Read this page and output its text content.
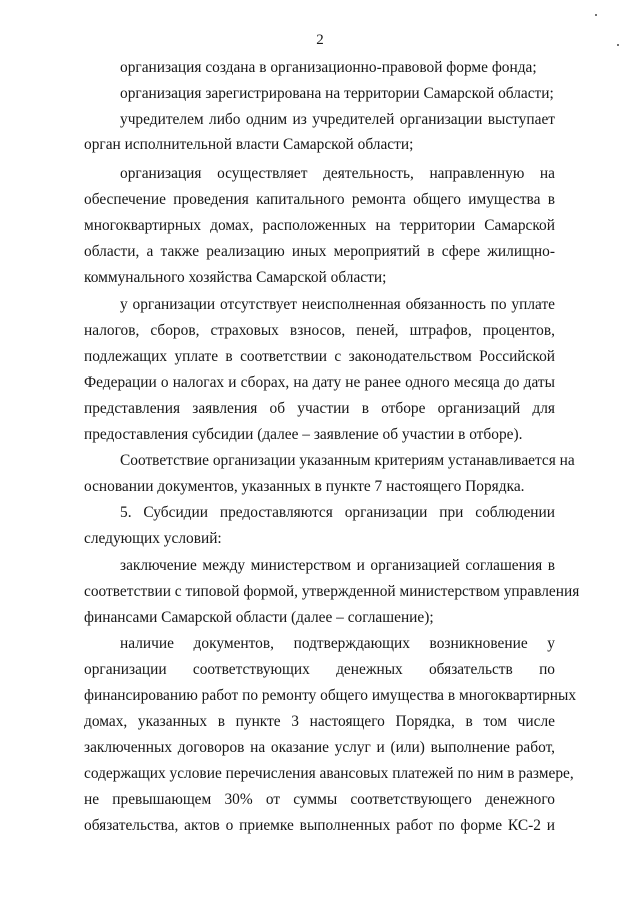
2
организация создана в организационно-правовой форме фонда;
организация зарегистрирована на территории Самарской области;
учредителем либо одним из учредителей организации выступает
орган исполнительной власти Самарской области;
организация осуществляет деятельность, направленную на
обеспечение проведения капитального ремонта общего имущества в
многоквартирных домах, расположенных на территории Самарской
области, а также реализацию иных мероприятий в сфере жилищно-
коммунального хозяйства Самарской области;
у организации отсутствует неисполненная обязанность по уплате
налогов, сборов, страховых взносов, пеней, штрафов, процентов,
подлежащих уплате в соответствии с законодательством Российской
Федерации о налогах и сборах, на дату не ранее одного месяца до даты
представления заявления об участии в отборе организаций для
предоставления субсидии (далее – заявление об участии в отборе).
Соответствие организации указанным критериям устанавливается на
основании документов, указанных в пункте 7 настоящего Порядка.
5. Субсидии предоставляются организации при соблюдении
следующих условий:
заключение между министерством и организацией соглашения в
соответствии с типовой формой, утвержденной министерством управления
финансами Самарской области (далее – соглашение);
наличие документов, подтверждающих возникновение у
организации соответствующих денежных обязательств по
финансированию работ по ремонту общего имущества в многоквартирных
домах, указанных в пункте 3 настоящего Порядка, в том числе
заключенных договоров на оказание услуг и (или) выполнение работ,
содержащих условие перечисления авансовых платежей по ним в размере,
не превышающем 30% от суммы соответствующего денежного
обязательства, актов о приемке выполненных работ по форме КС-2 и
